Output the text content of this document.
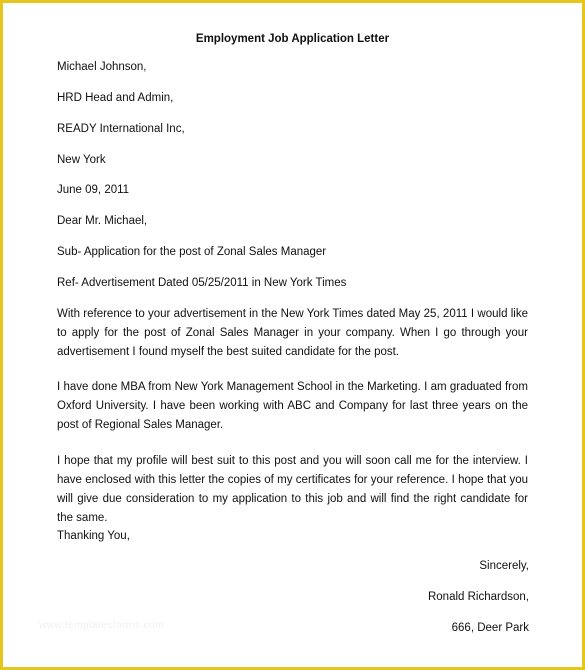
Employment Job Application Letter
Michael Johnson,
HRD Head and Admin,
READY International Inc,
New York
June 09, 2011
Dear Mr. Michael,
Sub- Application for the post of Zonal Sales Manager
Ref- Advertisement Dated 05/25/2011 in New York Times
With reference to your advertisement in the New York Times dated May 25, 2011 I would like to apply for the post of Zonal Sales Manager in your company. When I go through your advertisement I found myself the best suited candidate for the post.
I have done MBA from New York Management School in the Marketing. I am graduated from Oxford University. I have been working with ABC and Company for last three years on the post of Regional Sales Manager.
I hope that my profile will best suit to this post and you will soon call me for the interview. I have enclosed with this letter the copies of my certificates for your reference. I hope that you will give due consideration to my application to this job and will find the right candidate for the same.
Thanking You,
Sincerely,
Ronald Richardson,
666, Deer Park
www.templatesforms.com
